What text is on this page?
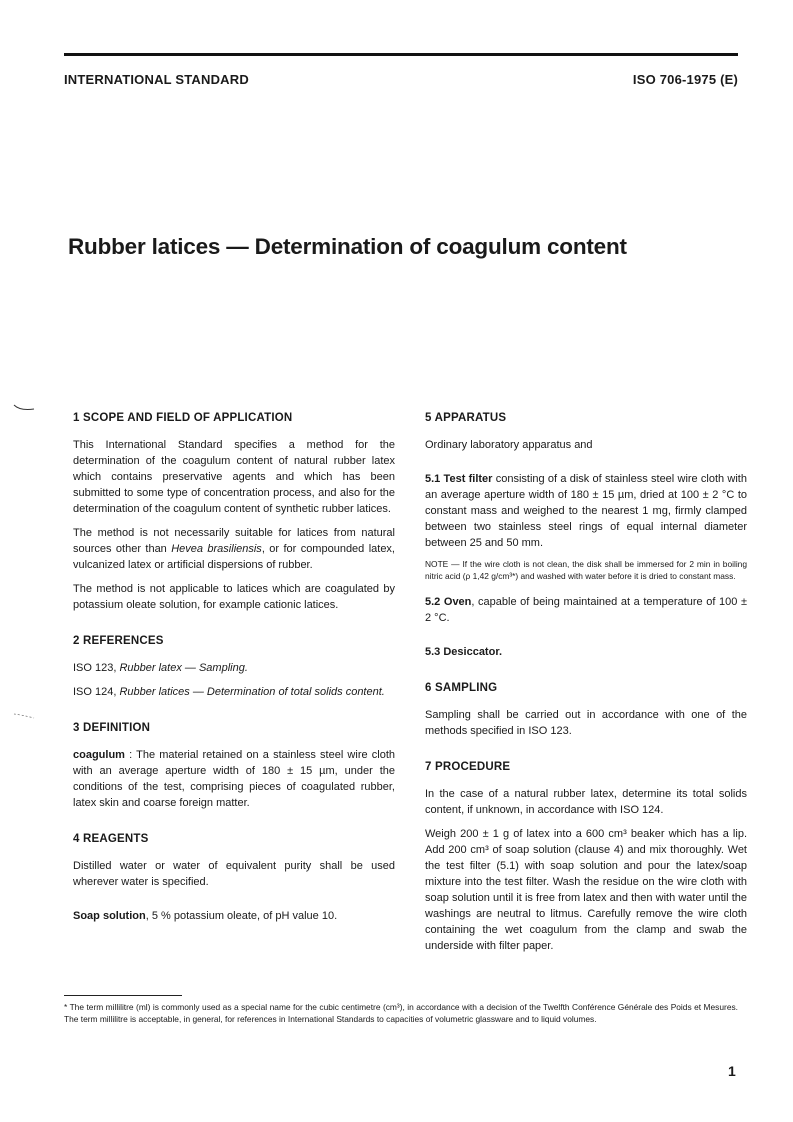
INTERNATIONAL STANDARD	ISO 706-1975 (E)
Rubber latices — Determination of coagulum content
1 SCOPE AND FIELD OF APPLICATION

This International Standard specifies a method for the determination of the coagulum content of natural rubber latex which contains preservative agents and which has been submitted to some type of concentration process, and also for the determination of the coagulum content of synthetic rubber latices.

The method is not necessarily suitable for latices from natural sources other than Hevea brasiliensis, or for compounded latex, vulcanized latex or artificial dispersions of rubber.

The method is not applicable to latices which are coagulated by potassium oleate solution, for example cationic latices.

2 REFERENCES

ISO 123, Rubber latex — Sampling.

ISO 124, Rubber latices — Determination of total solids content.

3 DEFINITION

coagulum : The material retained on a stainless steel wire cloth with an average aperture width of 180 ± 15 µm, under the conditions of the test, comprising pieces of coagulated rubber, latex skin and coarse foreign matter.

4 REAGENTS

Distilled water or water of equivalent purity shall be used wherever water is specified.

Soap solution, 5 % potassium oleate, of pH value 10.

5 APPARATUS

Ordinary laboratory apparatus and

5.1 Test filter consisting of a disk of stainless steel wire cloth with an average aperture width of 180 ± 15 µm, dried at 100 ± 2 °C to constant mass and weighed to the nearest 1 mg, firmly clamped between two stainless steel rings of equal internal diameter between 25 and 50 mm.

NOTE — If the wire cloth is not clean, the disk shall be immersed for 2 min in boiling nitric acid (ρ 1,42 g/cm³*) and washed with water before it is dried to constant mass.

5.2 Oven, capable of being maintained at a temperature of 100 ± 2 °C.

5.3 Desiccator.

6 SAMPLING

Sampling shall be carried out in accordance with one of the methods specified in ISO 123.

7 PROCEDURE

In the case of a natural rubber latex, determine its total solids content, if unknown, in accordance with ISO 124.

Weigh 200 ± 1 g of latex into a 600 cm³ beaker which has a lip. Add 200 cm³ of soap solution (clause 4) and mix thoroughly. Wet the test filter (5.1) with soap solution and pour the latex/soap mixture into the test filter. Wash the residue on the wire cloth with soap solution until it is free from latex and then with water until the washings are neutral to litmus. Carefully remove the wire cloth containing the wet coagulum from the clamp and swab the underside with filter paper.

* The term millilitre (ml) is commonly used as a special name for the cubic centimetre (cm³), in accordance with a decision of the Twelfth Conférence Générale des Poids et Mesures. The term millilitre is acceptable, in general, for references in International Standards to capacities of volumetric glassware and to liquid volumes.

1
